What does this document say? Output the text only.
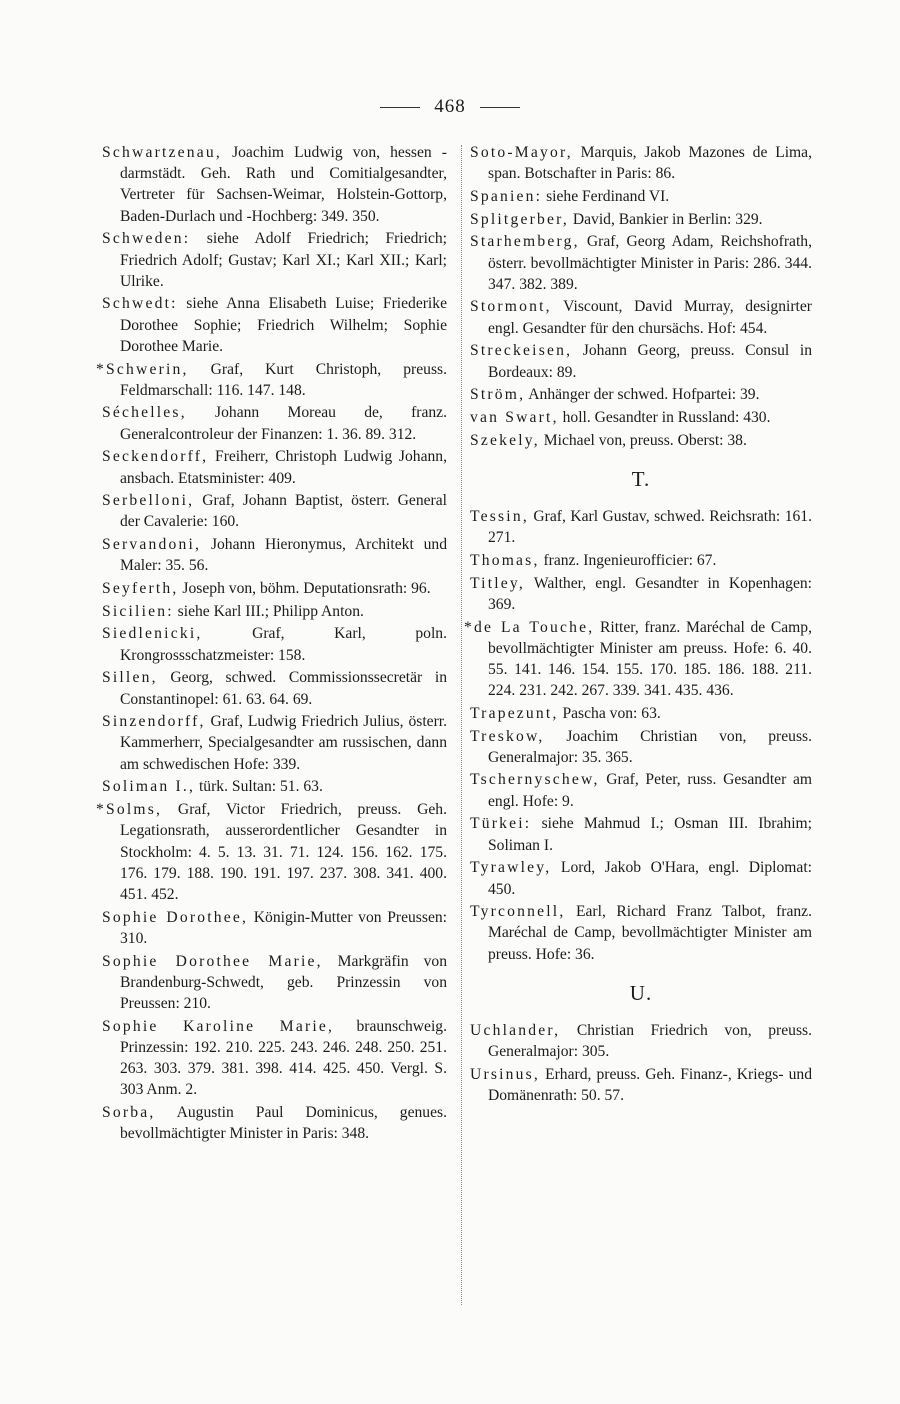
468
Schwartzenau, Joachim Ludwig von, hessen - darmstädt. Geh. Rath und Comitialgesandter, Vertreter für Sachsen-Weimar, Holstein-Gottorp, Baden-Durlach und -Hochberg: 349. 350.
Schweden: siehe Adolf Friedrich; Friedrich; Friedrich Adolf; Gustav; Karl XI.; Karl XII.; Karl; Ulrike.
Schwedt: siehe Anna Elisabeth Luise; Friederike Dorothee Sophie; Friedrich Wilhelm; Sophie Dorothee Marie.
*Schwerin, Graf, Kurt Christoph, preuss. Feldmarschall: 116. 147. 148.
Séchelles, Johann Moreau de, franz. Generalcontroleur der Finanzen: 1. 36. 89. 312.
Seckendorff, Freiherr, Christoph Ludwig Johann, ansbach. Etatsminister: 409.
Serbelloni, Graf, Johann Baptist, österr. General der Cavalerie: 160.
Servandoni, Johann Hieronymus, Architekt und Maler: 35. 56.
Seyferth, Joseph von, böhm. Deputationsrath: 96.
Sicilien: siehe Karl III.; Philipp Anton.
Siedlenicki, Graf, Karl, poln. Krongrossschatzmeister: 158.
Sillen, Georg, schwed. Commissionssecretär in Constantinopel: 61. 63. 64. 69.
Sinzendorff, Graf, Ludwig Friedrich Julius, österr. Kammerherr, Specialgesandter am russischen, dann am schwedischen Hofe: 339.
Soliman I., türk. Sultan: 51. 63.
*Solms, Graf, Victor Friedrich, preuss. Geh. Legationsrath, ausserordentlicher Gesandter in Stockholm: 4. 5. 13. 31. 71. 124. 156. 162. 175. 176. 179. 188. 190. 191. 197. 237. 308. 341. 400. 451. 452.
Sophie Dorothee, Königin-Mutter von Preussen: 310.
Sophie Dorothee Marie, Markgräfin von Brandenburg-Schwedt, geb. Prinzessin von Preussen: 210.
Sophie Karoline Marie, braunschweig. Prinzessin: 192. 210. 225. 243. 246. 248. 250. 251. 263. 303. 379. 381. 398. 414. 425. 450. Vergl. S. 303 Anm. 2.
Sorba, Augustin Paul Dominicus, genues. bevollmächtigter Minister in Paris: 348.
Soto-Mayor, Marquis, Jakob Mazones de Lima, span. Botschafter in Paris: 86.
Spanien: siehe Ferdinand VI.
Splitgerber, David, Bankier in Berlin: 329.
Starhemberg, Graf, Georg Adam, Reichshofrath, österr. bevollmächtigter Minister in Paris: 286. 344. 347. 382. 389.
Stormont, Viscount, David Murray, designirter engl. Gesandter für den chursächs. Hof: 454.
Streckeisen, Johann Georg, preuss. Consul in Bordeaux: 89.
Ström, Anhänger der schwed. Hofpartei: 39.
van Swart, holl. Gesandter in Russland: 430.
Szekely, Michael von, preuss. Oberst: 38.
T.
Tessin, Graf, Karl Gustav, schwed. Reichsrath: 161. 271.
Thomas, franz. Ingenieurofficier: 67.
Titley, Walther, engl. Gesandter in Kopenhagen: 369.
*de La Touche, Ritter, franz. Maréchal de Camp, bevollmächtigter Minister am preuss. Hofe: 6. 40. 55. 141. 146. 154. 155. 170. 185. 186. 188. 211. 224. 231. 242. 267. 339. 341. 435. 436.
Trapezunt, Pascha von: 63.
Treskow, Joachim Christian von, preuss. Generalmajor: 35. 365.
Tschernyschew, Graf, Peter, russ. Gesandter am engl. Hofe: 9.
Türkei: siehe Mahmud I.; Osman III. Ibrahim; Soliman I.
Tyrawley, Lord, Jakob O'Hara, engl. Diplomat: 450.
Tyrconnell, Earl, Richard Franz Talbot, franz. Maréchal de Camp, bevollmächtigter Minister am preuss. Hofe: 36.
U.
Uchlander, Christian Friedrich von, preuss. Generalmajor: 305.
Ursinus, Erhard, preuss. Geh. Finanz-, Kriegs- und Domänenrath: 50. 57.
